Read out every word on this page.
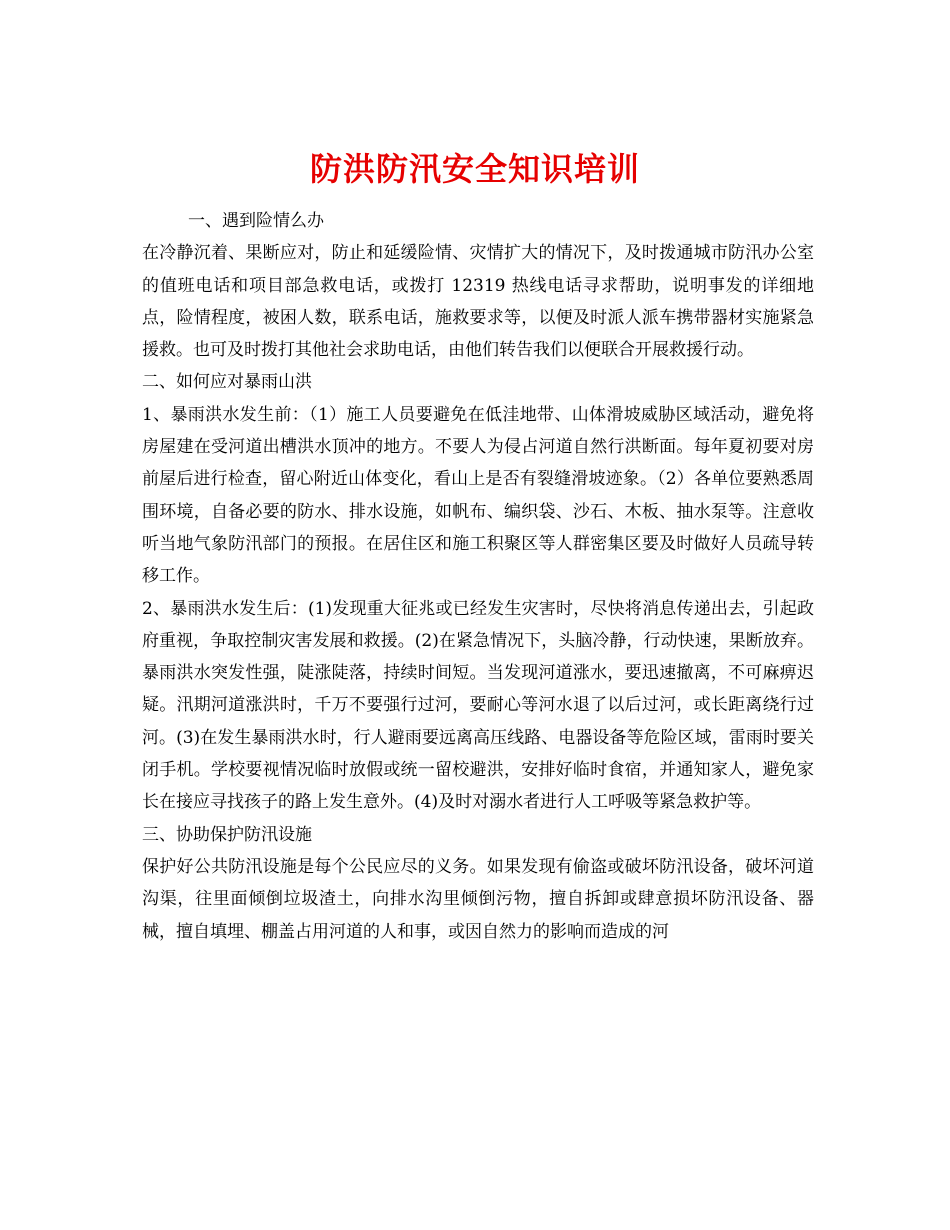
防洪防汛安全知识培训

一、遇到险情么办

在冷静沉着、果断应对，防止和延缓险情、灾情扩大的情况下，及时拨通城市防汛办公室的值班电话和项目部急救电话，或拨打 12319 热线电话寻求帮助，说明事发的详细地点，险情程度，被困人数，联系电话，施救要求等，以便及时派人派车携带器材实施紧急援救。也可及时拨打其他社会求助电话，由他们转告我们以便联合开展救援行动。

二、如何应对暴雨山洪

1、暴雨洪水发生前：（1）施工人员要避免在低洼地带、山体滑坡威胁区域活动，避免将房屋建在受河道出槽洪水顶冲的地方。不要人为侵占河道自然行洪断面。每年夏初要对房前屋后进行检查，留心附近山体变化，看山上是否有裂缝滑坡迹象。（2）各单位要熟悉周围环境，自备必要的防水、排水设施，如帆布、编织袋、沙石、木板、抽水泵等。注意收听当地气象防汛部门的预报。在居住区和施工积聚区等人群密集区要及时做好人员疏导转移工作。

2、暴雨洪水发生后：(1)发现重大征兆或已经发生灾害时，尽快将消息传递出去，引起政府重视，争取控制灾害发展和救援。(2)在紧急情况下，头脑冷静，行动快速，果断放弃。暴雨洪水突发性强，陡涨陡落，持续时间短。当发现河道涨水，要迅速撤离，不可麻痹迟疑。汛期河道涨洪时，千万不要强行过河，要耐心等河水退了以后过河，或长距离绕行过河。(3)在发生暴雨洪水时，行人避雨要远离高压线路、电器设备等危险区域，雷雨时要关闭手机。学校要视情况临时放假或统一留校避洪，安排好临时食宿，并通知家人，避免家长在接应寻找孩子的路上发生意外。(4)及时对溺水者进行人工呼吸等紧急救护等。

三、协助保护防汛设施

保护好公共防汛设施是每个公民应尽的义务。如果发现有偷盗或破坏防汛设备，破坏河道沟渠，往里面倾倒垃圾渣土，向排水沟里倾倒污物，擅自拆卸或肆意损坏防汛设备、器械，擅自填埋、棚盖占用河道的人和事，或因自然力的影响而造成的河
